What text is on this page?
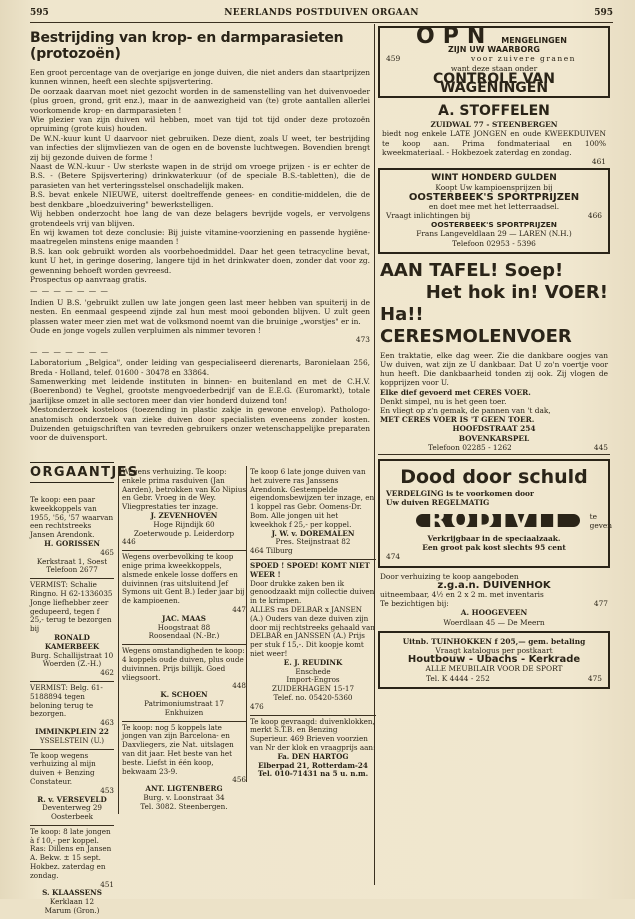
595	NEERLANDS POSTDUIVEN ORGAAN	595
Bestrijding van krop- en darmparasieten (protozoën)

Een groot percentage van de overjarige en jonge duiven, die niet anders dan staartprijzen kunnen winnen, heeft een slechte spijsvertering.

De oorzaak daarvan moet niet gezocht worden in de samenstelling van het duivenvoeder (plus groen, grond, grit enz.), maar in de aanwezigheid van (te) grote aantallen allerlei voorkomende krop- en darmparasieten !

Wie plezier van zijn duiven wil hebben, moet van tijd tot tijd onder deze protozoën opruiming (grote kuis) houden.

De W.N.-kuur kunt U daarvoor niet gebruiken. Deze dient, zoals U weet, ter bestrijding van infecties der slijmvliezen van de ogen en de bovenste luchtwegen. Bovendien brengt zij bij gezonde duiven de forme !

Naast de W.N.-kuur - Uw sterkste wapen in de strijd om vroege prijzen - is er echter de B.S. - (Betere Spijsvertering) drinkwaterkuur (of de speciale B.S.-tabletten), die de parasieten van het verteringsstelsel onschadelijk maken.

B.S. bevat enkele NIEUWE, uiterst doeltreffende genees- en conditie-middelen, die de best denkbare „bloedzuivering" bewerkstelligen.

Wij hebben onderzocht hoe lang de van deze belagers bevrijde vogels, er vervolgens grotendeels vrij van blijven.

En wij kwamen tot deze conclusie: Bij juiste vitamine-voorziening en passende hygiëne-maatregelen minstens enige maanden !

B.S. kan ook gebruikt worden als voorbehoedmiddel. Daar het geen tetracycline bevat, kunt U het, in geringe dosering, langere tijd in het drinkwater doen, zonder dat voor zg. gewenning behoeft worden gevreesd.

Prospectus op aanvraag gratis.

— — — — — — —

Indien U B.S. 'gebruikt zullen uw late jongen geen last meer hebben van spuiterij in de nesten. En eenmaal gespeend zijnde zal hun mest mooi gebonden blijven. U zult geen plassen water meer zien met wat de volksmond noemt van die bruinige „worstjes" er in.

Oude en jonge vogels zullen verpluimen als nimmer tevoren !

473

— — — — — — —

Laboratorium „Belgica", onder leiding van gespecialiseerd dierenarts, Baronielaan 256, Breda - Holland, telef. 01600 - 30478 en 33864.

Samenwerking met leidende instituten in binnen- en buitenland en met de C.H.V. (Boerenbond) te Veghel, grootste mengvoederbedrijf van de E.E.G. (Euromarkt), totale jaarlijkse omzet in alle sectoren meer dan vier honderd duizend ton!

Mestonderzoek kosteloos (toezending in plastic zakje in gewone envelop). Pathologo-anatomisch onderzoek van zieke duiven door specialisten eveneens zonder kosten. Duizenden getuigschriften van tevreden gebruikers onzer wetenschappelijke preparaten voor de duivensport.

ORGAANTJES
Te koop: een paar kweekkoppels van 1955, '56, '57 waarvan een rechtstreeks Jansen Arendonk.
H. GORISSEN
465
Kerkstraat 1, Soest
Telefoon 2677
VERMIST: Schalie Ringno. H 62-1336035 Jonge liefhebber zeer gedupeerd, tegen f 25,- terug te bezorgen bij
RONALD KAMERBEEK
Burg. Schallijstraat 10
Woerden (Z.-H.)
462
VERMIST: Belg. 61-5188894 tegen beloning terug te bezorgen.
463
IMMINKPLEIN 22
YSSELSTEIN (U.)
Te koop wegens verhuizing al mijn duiven + Benzing Constateur.
453
R. v. VERSEVELD
Deventerweg 29
Oosterbeek
Te koop: 8 late jongen à f 10,- per koppel. Ras: Dillens en Jansen A. Bekw. ± 15 sept. Hokbez. zaterdag en zondag.
451
S. KLAASSENS
Kerklaan 12
Marum (Gron.)
Wegens verhuizing. Te koop: enkele prima rasduiven (Jan Aarden), betrokken van Ko Nipius en Gebr. Vroeg in de Wey. Vliegprestaties ter inzage.
J. ZEVENHOVEN
Hoge Rijndijk 60
Zoeterwoude p. Leiderdorp
446
Wegens overbevolking te koop enige prima kweekkoppels, alsmede enkele losse doffers en duivinnen (ras uitsluitend Jef Symons uit Gent B.) Ieder jaar bij de kampioenen.
447
JAC. MAAS
Hoogstraat 88
Roosendaal (N.-Br.)
Wegens omstandigheden te koop: 4 koppels oude duiven, plus oude duivinnen. Prijs billijk. Goed vliegsoort.
448
K. SCHOEN
Patrimoniumstraat 17
Enkhuizen
Te koop: nog 5 koppels late jongen van zijn Barcelona- en Daxvliegers, zie Nat. uitslagen van dit jaar. Het beste van het beste. Liefst in één koop, bekwaam 23-9.
456
ANT. LIGTENBERG
Burg. v. Loonstraat 34
Tel. 3082. Steenbergen.
Te koop 6 late jonge duiven van het zuivere ras Janssens Arendonk. Gestempelde eigendomsbewijzen ter inzage, en 1 koppel ras Gebr. Oomens-Dr. Bom. Alle jongen uit het kweekhok f 25,- per koppel.
J. W. v. DOREMALEN
Pres. Steijnstraat 82
464 Tilburg
SPOED ! SPOED! KOMT NIET WEER !
Door drukke zaken ben ik genoodzaakt mijn collectie duiven in te krimpen.
ALLES ras DELBAR x JANSEN (A.) Ouders van deze duiven zijn door mij rechtstreeks gehaald van DELBAR en JANSSEN (A.) Prijs per stuk f 15,-. Dit koopje komt niet weer!
E. J. REUDINK
Enschede
Import-Engros
ZUIDERHAGEN 15-17
Telef. no. 05420-5360
476
Te koop gevraagd: duivenklokken, merkt S.T.B. en Benzing Superieur. 469 Brieven voorzien van Nr der klok en vraagprijs aan:
Fa. DEN HARTOG
Elberpad 21, Rotterdam-24
Tel. 010-71431 na 5 u. n.m.
OPN MENGELINGEN
ZIJN UW WAARBORG
459	voor zuivere granen
want deze staan onder
CONTROLE VAN WAGENINGEN
A. STOFFELEN
ZUIDWAL 77 - STEENBERGEN
biedt nog enkele LATE JONGEN en oude KWEEKDUIVEN te koop aan. Prima fondmateriaal en 100% kweekmateriaal. - Hokbezoek zaterdag en zondag.
461
WINT HONDERD GULDEN
Koopt Uw kampioensprijzen bij
OOSTERBEEK'S SPORTPRIJZEN
en doet mee met het letterraadsel.
Vraagt inlichtingen bij	466
OOSTERBEEK'S SPORTPRIJZEN
Frans Langeveldlaan 29 — LAREN (N.H.)
Telefoon 02953 - 5396
AAN TAFEL! Soep!
Het hok in! VOER!
Ha!! CERESMOLENVOER
Een traktatie, elke dag weer. Zie die dankbare oogjes van Uw duiven, wat zijn ze U dankbaar. Dat U zo'n voertje voor hun heeft. Die dankbaarheid tonden zij ook. Zij vlogen de kopprijzen voor U.
Elke dief gevoerd met CERES VOER.
Denkt simpel, nu is het geen toer.
En vliegt op z'n gemak, de pannen van 't dak,
MET CERES VOER IS 'T GEEN TOER.
HOOFDSTRAAT 254
BOVENKARSPEL
Telefoon 02285 - 1262	445
Dood door schuld
VERDELGING is te voorkomen door
Uw duiven REGELMATIG
RODIVIT	te geven
Verkrijgbaar in de speciaalzaak.
Een groot pak kost slechts 95 cent
474
Door verhuizing te koop aangeboden
z.g.a.n. DUIVENHOK
uitneembaar, 4½ en 2 x 2 m. met inventaris
Te bezichtigen bij:	477
A. HOOGEVEEN
Woerdlaan 45 — De Meern
Uitnb. TUINHOKKEN f 205,— gem. betaling
Vraagt katalogus per postkaart
Houtbouw - Ubachs - Kerkrade
ALLE MEUBILAIR VOOR DE SPORT
Tel. K 4444 - 252	475
